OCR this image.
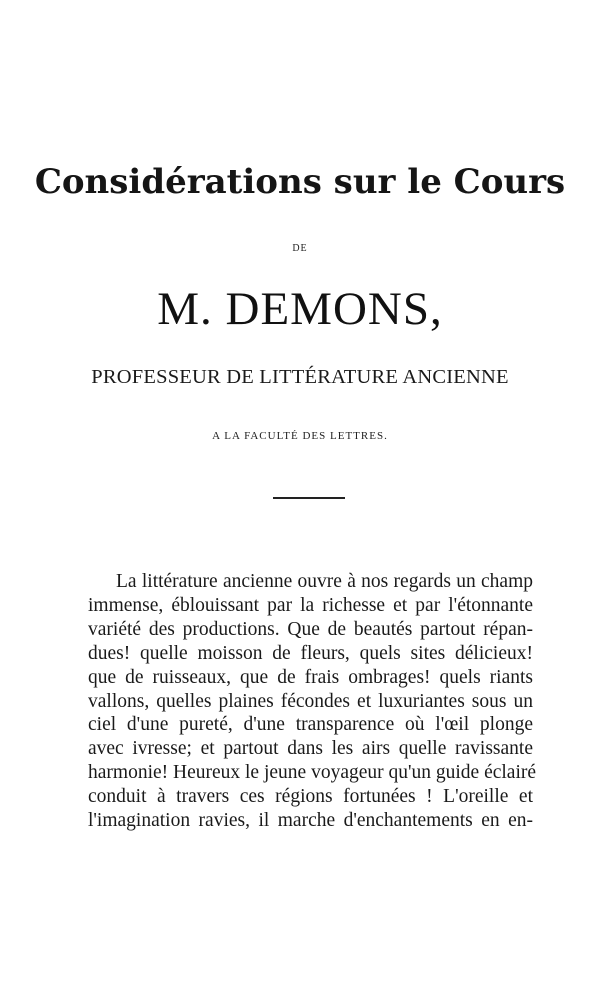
Considérations sur le Cours
DE
M. DEMONS,
PROFESSEUR DE LITTÉRATURE ANCIENNE
A LA FACULTÉ DES LETTRES.
La littérature ancienne ouvre à nos regards un champ
immense, éblouissant par la richesse et par l'étonnante
variété des productions. Que de beautés partout répan-
dues! quelle moisson de fleurs, quels sites délicieux!
que de ruisseaux, que de frais ombrages! quels riants
vallons, quelles plaines fécondes et luxuriantes sous un
ciel d'une pureté, d'une transparence où l'œil plonge
avec ivresse; et partout dans les airs quelle ravissante
harmonie! Heureux le jeune voyageur qu'un guide éclairé
conduit à travers ces régions fortunées ! L'oreille et
l'imagination ravies, il marche d'enchantements en en-
